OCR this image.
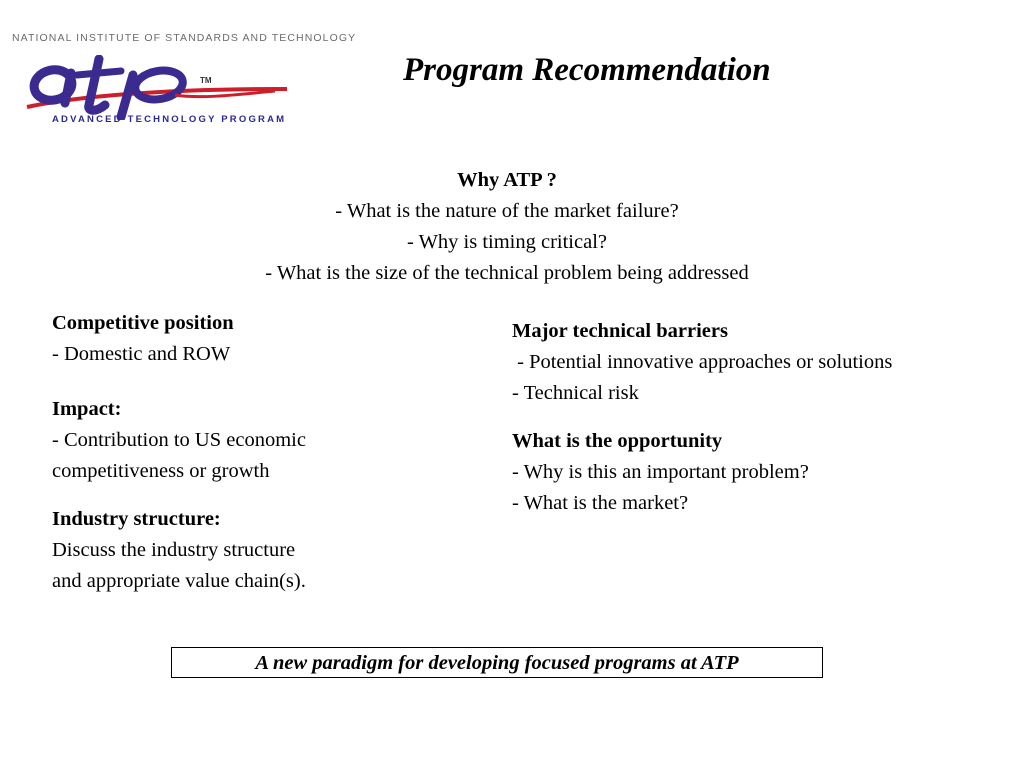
NATIONAL INSTITUTE OF STANDARDS AND TECHNOLOGY
TM
ADVANCED TECHNOLOGY PROGRAM
Program Recommendation
Why ATP ?
- What is the nature of the market failure?
- Why is timing critical?
- What is the size of the technical problem being addressed
Competitive position
- Domestic and ROW
Impact:
- Contribution to US economic
competitiveness or growth
Industry structure:
Discuss the industry structure
and appropriate value chain(s).
Major technical barriers
- Potential innovative approaches or solutions
- Technical risk
What is the opportunity
- Why is this an important problem?
- What is the market?
A new paradigm for developing focused programs at ATP
